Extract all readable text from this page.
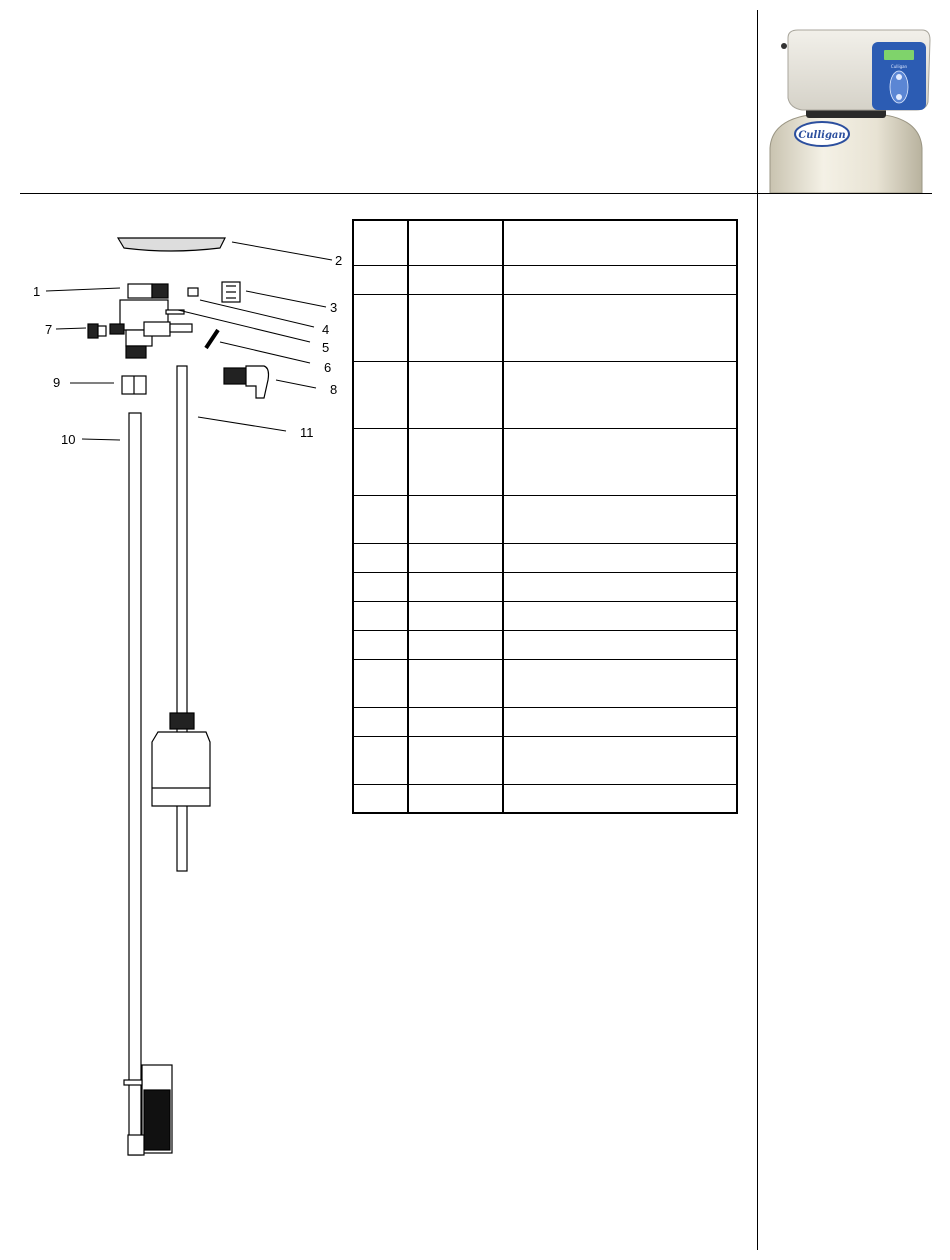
Culligan
Culligan
1
2
3
4
5
6
7
8
9
10	11
